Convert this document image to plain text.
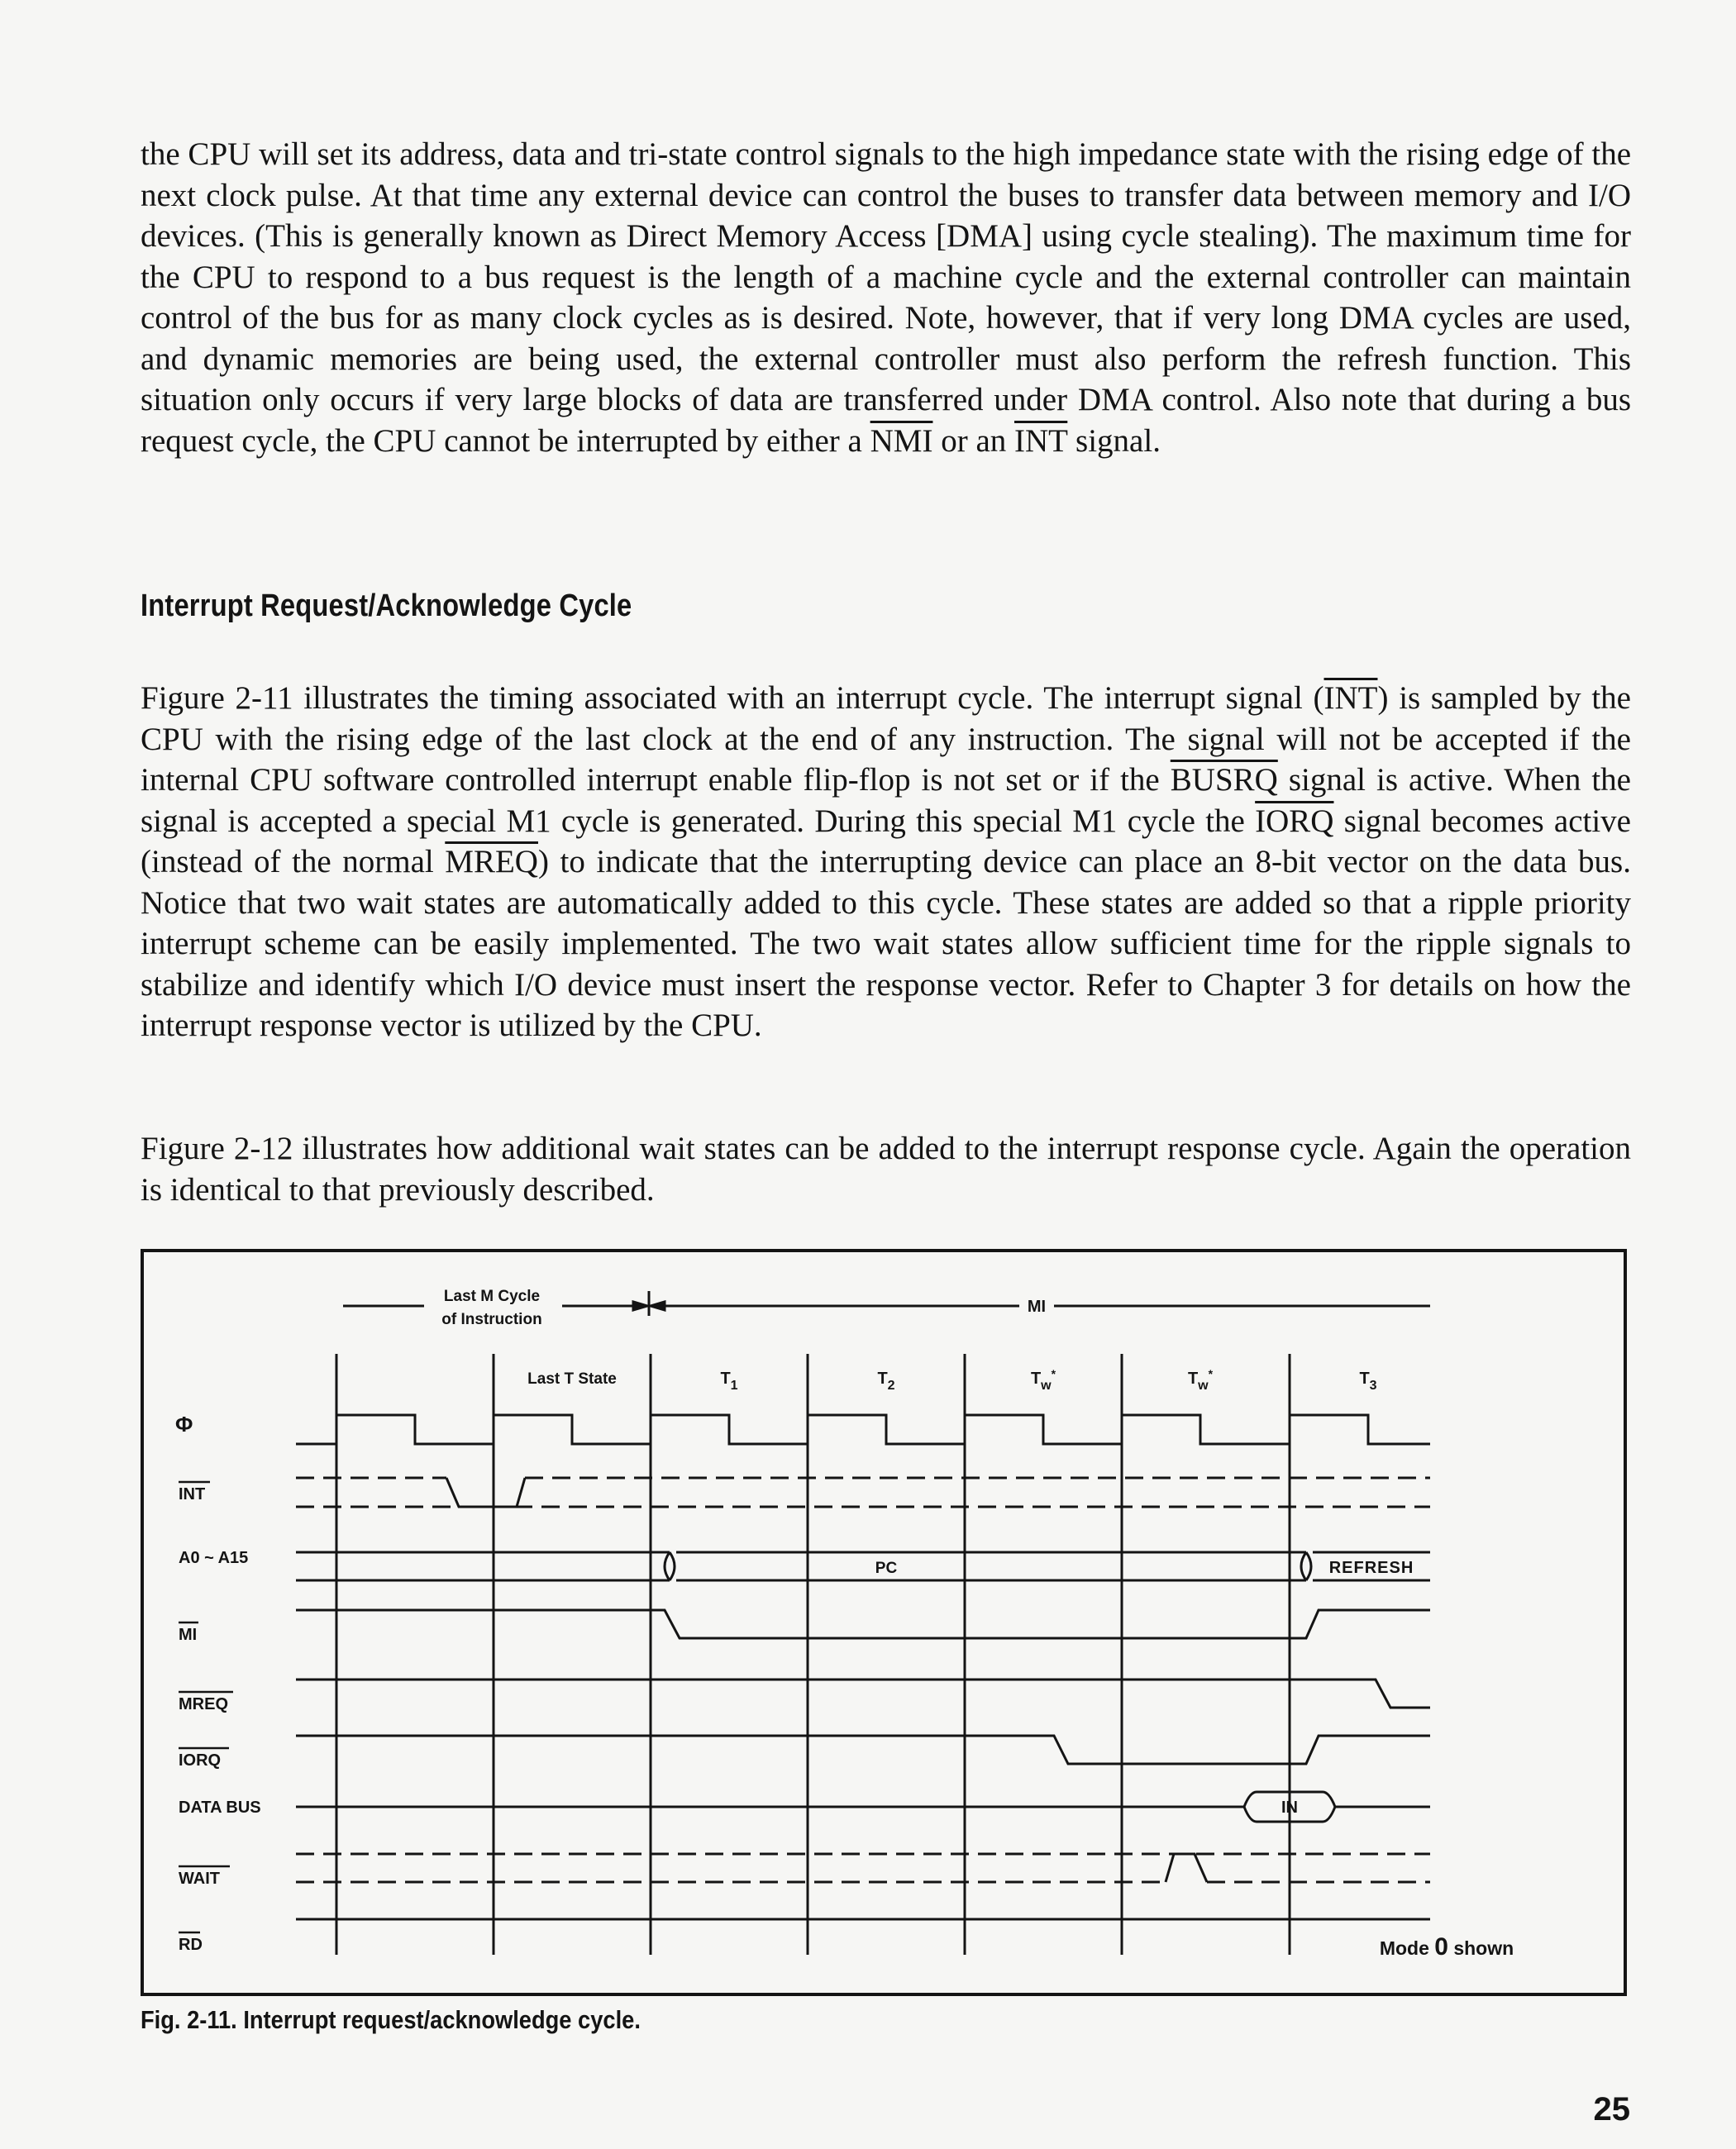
the CPU will set its address, data and tri-state control signals to the high impedance state with the rising edge of the next clock pulse. At that time any external device can control the buses to transfer data between memory and I/O devices. (This is generally known as Direct Memory Access [DMA] using cycle stealing). The maximum time for the CPU to respond to a bus request is the length of a machine cycle and the external controller can maintain control of the bus for as many clock cycles as is desired. Note, however, that if very long DMA cycles are used, and dynamic memories are being used, the external controller must also perform the refresh function. This situation only occurs if very large blocks of data are transferred under DMA control. Also note that during a bus request cycle, the CPU cannot be interrupted by either a $\overline{NMI}$ or an $\overline{INT}$ signal.

Interrupt Request/Acknowledge Cycle

Figure 2-11 illustrates the timing associated with an interrupt cycle. The interrupt signal $(\overline{INT})$ is sampled by the CPU with the rising edge of the last clock at the end of any instruction. The signal will not be accepted if the internal CPU software controlled interrupt enable flip-flop is not set or if the BUSRQ signal is active. When the signal is accepted a special M1 cycle is generated. During this special M1 cycle the IORQ signal becomes active (instead of the normal MREQ) to indicate that the interrupting device can place an 8-bit vector on the data bus. Notice that two wait states are automatically added to this cycle. These states are added so that a ripple priority interrupt scheme can be easily implemented. The two wait states allow sufficient time for the ripple signals to stabilize and identify which I/O device must insert the response vector. Refer to Chapter 3 for details on how the interrupt response vector is utilized by the CPU.

Figure 2-12 illustrates how additional wait states can be added to the interrupt response cycle. Again the operation is identical to that previously described.

Last M Cycle
of Instruction
MI
Last T State	$T_1$	$T_2$	$T_w^*$	$T_w^*$	$T_3$
Φ
INT
A0 ~ A15
MI
MREQ
IORQ
DATA BUS
WAIT
RD
PC	REFRESH
IN
Mode 0 shown

Fig. 2-11. Interrupt request/acknowledge cycle.

25
